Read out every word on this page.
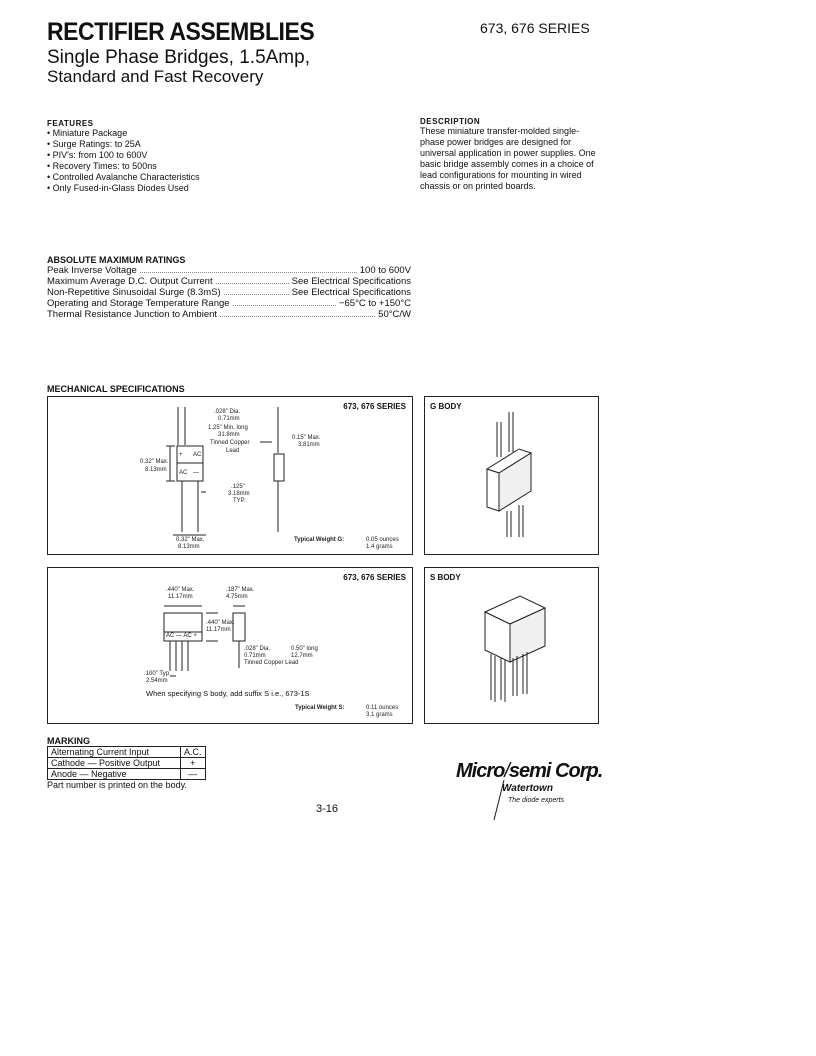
RECTIFIER ASSEMBLIES
Single Phase Bridges, 1.5Amp,
Standard and Fast Recovery
673, 676 SERIES
FEATURES
• Miniature Package
• Surge Ratings: to 25A
• PIV's: from 100 to 600V
• Recovery Times: to 500ns
• Controlled Avalanche Characteristics
• Only Fused-in-Glass Diodes Used
DESCRIPTION
These miniature transfer-molded single-phase power bridges are designed for universal application in power supplies. One basic bridge assembly comes in a choice of lead configurations for mounting in wired chassis or on printed boards.
ABSOLUTE MAXIMUM RATINGS
Peak Inverse Voltage	100 to 600V
Maximum Average D.C. Output Current	See Electrical Specifications
Non-Repetitive Sinusoidal Surge (8.3mS)	See Electrical Specifications
Operating and Storage Temperature Range	−65°C to +150°C
Thermal Resistance Junction to Ambient	50°C/W
MECHANICAL SPECIFICATIONS
673, 676 SERIES
.028" Dia.
0.71mm
1.25" Min. long
31.8mm
Tinned Copper
Lead
0.15" Max.
3.81mm
0.32" Max.
8.13mm
+ AC
AC —
.125"
3.18mm
TYP.
0.32" Max.
8.13mm
Typical Weight G:	0.05 ounces
1.4 grams
G BODY
673, 676 SERIES
.440" Max.
11.17mm
.187" Max.
4.75mm
.440" Max.
11.17mm
AC — AC +
.028" Dia.	0.50" long
0.71mm	12.7mm
Tinned Copper Lead
.100" Typ.
2.54mm
When specifying S body, add suffix S i.e., 673-1S
Typical Weight S:	0.11 ounces
3.1 grams
S BODY
MARKING
Alternating Current Input	A.C.
Cathode — Positive Output	+
Anode — Negative	—
Part number is printed on the body.
Micro/semi Corp.
Watertown
The diode experts
3-16
